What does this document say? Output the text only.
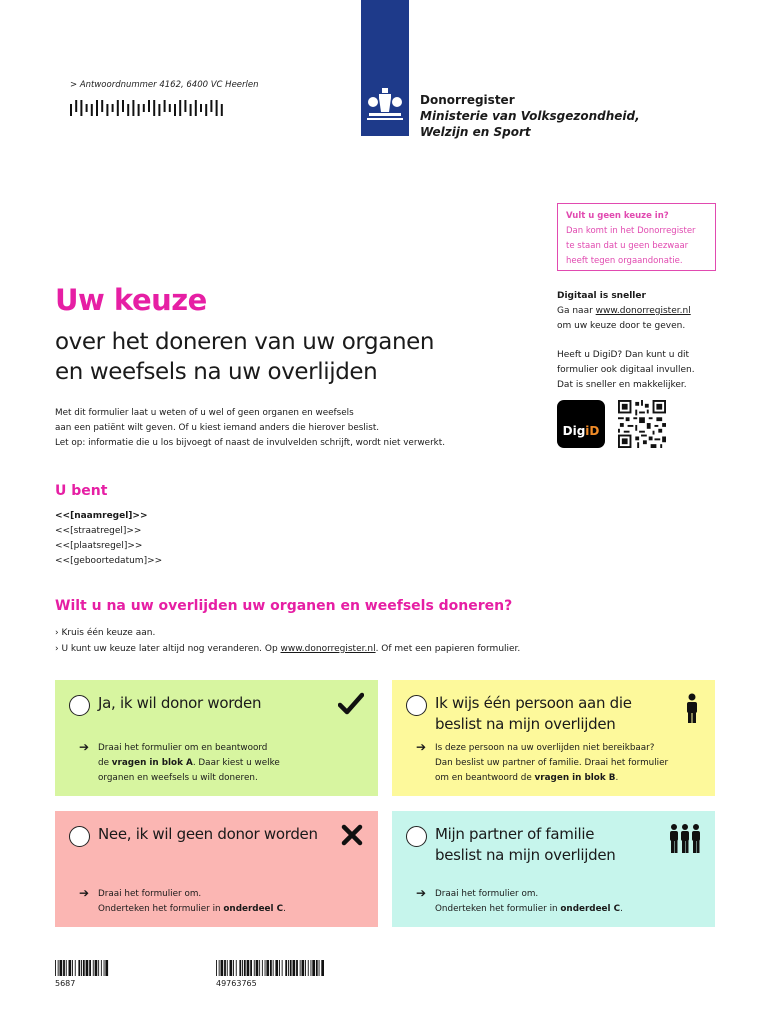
Donorregister
Ministerie van Volksgezondheid,
Welzijn en Sport
> Antwoordnummer 4162, 6400 VC Heerlen
Vult u geen keuze in?
Dan komt in het Donorregister
te staan dat u geen bezwaar
heeft tegen orgaandonatie.
Digitaal is sneller
Ga naar www.donorregister.nl
om uw keuze door te geven.
Heeft u DigiD? Dan kunt u dit
formulier ook digitaal invullen.
Dat is sneller en makkelijker.
Dig iD
Uw keuze
over het doneren van uw organen
en weefsels na uw overlijden
Met dit formulier laat u weten of u wel of geen organen en weefsels
aan een patiënt wilt geven. Of u kiest iemand anders die hierover beslist.
Let op: informatie die u los bijvoegt of naast de invulvelden schrijft, wordt niet verwerkt.
U bent
<<[naamregel]>>
<<[straatregel]>>
<<[plaatsregel]>>
<<[geboortedatum]>>
Wilt u na uw overlijden uw organen en weefsels doneren?
› Kruis één keuze aan.
› U kunt uw keuze later altijd nog veranderen. Op www.donorregister.nl. Of met een papieren formulier.
Ja, ik wil donor worden
➔ Draai het formulier om en beantwoord
de vragen in blok A. Daar kiest u welke
organen en weefsels u wilt doneren.
Ik wijs één persoon aan die
beslist na mijn overlijden
➔ Is deze persoon na uw overlijden niet bereikbaar?
Dan beslist uw partner of familie. Draai het formulier
om en beantwoord de vragen in blok B.
Nee, ik wil geen donor worden
➔ Draai het formulier om.
Onderteken het formulier in onderdeel C.
Mijn partner of familie
beslist na mijn overlijden
➔ Draai het formulier om.
Onderteken het formulier in onderdeel C.
5687	49763765
